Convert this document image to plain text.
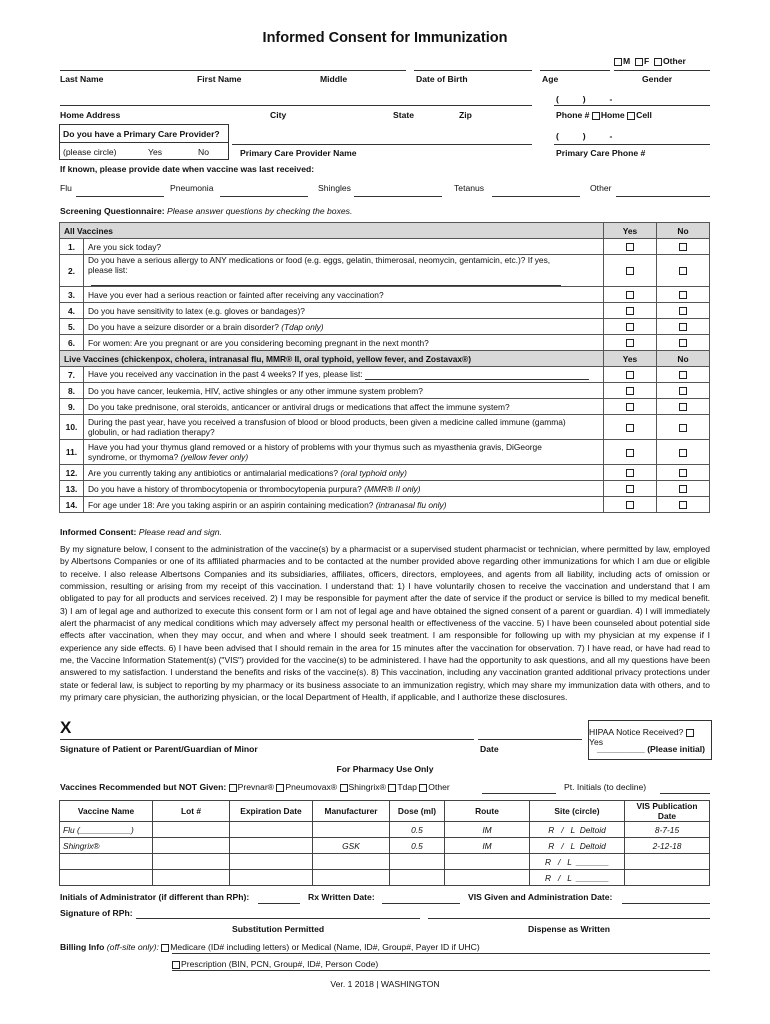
Informed Consent for Immunization
M F Other
Last Name	First Name	Middle	Date of Birth	Age	Gender
(          )          -
Home Address	City	State	Zip	Phone # Home Cell
Do you have a Primary Care Provider?
(please circle)	Yes	No
(          )          -
Primary Care Provider Name	Primary Care Phone #
If known, please provide date when vaccine was last received:
Flu	Pneumonia	Shingles	Tetanus	Other
Screening Questionnaire: Please answer questions by checking the boxes.
All Vaccines		Yes	No
1.	Are you sick today?		
2.	Do you have a serious allergy to ANY medications or food (e.g. eggs, gelatin, thimerosal, neomycin, gentamicin, etc.)? If yes,
please list:		
3.	Have you ever had a serious reaction or fainted after receiving any vaccination?		
4.	Do you have sensitivity to latex (e.g. gloves or bandages)?		
5.	Do you have a seizure disorder or a brain disorder? (Tdap only)		
6.	For women: Are you pregnant or are you considering becoming pregnant in the next month?		
Live Vaccines (chickenpox, cholera, intranasal flu, MMR® II, oral typhoid, yellow fever, and Zostavax®)		Yes	No
7.	Have you received any vaccination in the past 4 weeks? If yes, please list:		
8.	Do you have cancer, leukemia, HIV, active shingles or any other immune system problem?		
9.	Do you take prednisone, oral steroids, anticancer or antiviral drugs or medications that affect the immune system?		
10.	During the past year, have you received a transfusion of blood or blood products, been given a medicine called immune (gamma)
globulin, or had radiation therapy?		
11.	Have you had your thymus gland removed or a history of problems with your thymus such as myasthenia gravis, DiGeorge
syndrome, or thymoma? (yellow fever only)		
12.	Are you currently taking any antibiotics or antimalarial medications? (oral typhoid only)		
13.	Do you have a history of thrombocytopenia or thrombocytopenia purpura? (MMR® II only)		
14.	For age under 18: Are you taking aspirin or an aspirin containing medication? (intranasal flu only)		
Informed Consent: Please read and sign.
By my signature below, I consent to the administration of the vaccine(s) by a pharmacist or a supervised student pharmacist or technician, where permitted by law, employed by Albertsons Companies or one of its affiliated pharmacies and to be contacted at the number provided above regarding other immunizations for which I am due or eligible to receive. I also release Albertsons Companies and its subsidiaries, affiliates, officers, directors, employees, and agents from all liability, including acts of omission or commission, resulting or arising from my receipt of this vaccination. I understand that: 1) I have voluntarily chosen to receive the vaccination and understand that I am obligated to pay for all products and services received. 2) I may be responsible for payment after the date of service if the product or service is billed to my medical benefit. 3) I am of legal age and authorized to execute this consent form or I am not of legal age and have obtained the signed consent of a parent or guardian. 4) I will immediately alert the pharmacist of any medical conditions which may adversely affect my personal health or effectiveness of the vaccine. 5) I have been counseled about potential side effects after vaccination, when they may occur, and when and where I should seek treatment. I am responsible for following up with my physician at my expense if I experience any side effects. 6) I have been advised that I should remain in the area for 15 minutes after the vaccination for observation. 7) I have read, or have had read to me, the Vaccine Information Statement(s) ("VIS") provided for the vaccine(s) to be administered. I have had the opportunity to ask questions, and all my questions have been answered to my satisfaction. I understand the benefits and risks of the vaccine(s). 8) This vaccination, including any vaccination granted additional privacy protections under state or federal law, is subject to reporting by my pharmacy or its business associate to an immunization registry, which may share my immunization data with others, and to my primary care physician, the authorizing physician, or the local Department of Health, if applicable, and I authorize these disclosures.
X
Signature of Patient or Parent/Guardian of Minor	Date
HIPAA Notice Received? Yes
__________ (Please initial)
For Pharmacy Use Only
Vaccines Recommended but NOT Given: Prevnar® Pneumovax® Shingrix® Tdap Other	Pt. Initials (to decline)
Vaccine Name	Lot #	Expiration Date	Manufacturer	Dose (ml)	Route	Site (circle)	VIS Publication Date
Flu (___________)				0.5	IM	R   /   L  Deltoid	8-7-15
Shingrix®			GSK	0.5	IM	R   /   L  Deltoid	2-12-18
						R   /   L  _______	
						R   /   L  _______	
Initials of Administrator (if different than RPh):	Rx Written Date:	VIS Given and Administration Date:
Signature of RPh:
Substitution Permitted	Dispense as Written
Billing Info (off-site only): Medicare (ID# including letters) or Medical (Name, ID#, Group#, Payer ID if UHC)
Prescription (BIN, PCN, Group#, ID#, Person Code)
Ver. 1 2018 | WASHINGTON
